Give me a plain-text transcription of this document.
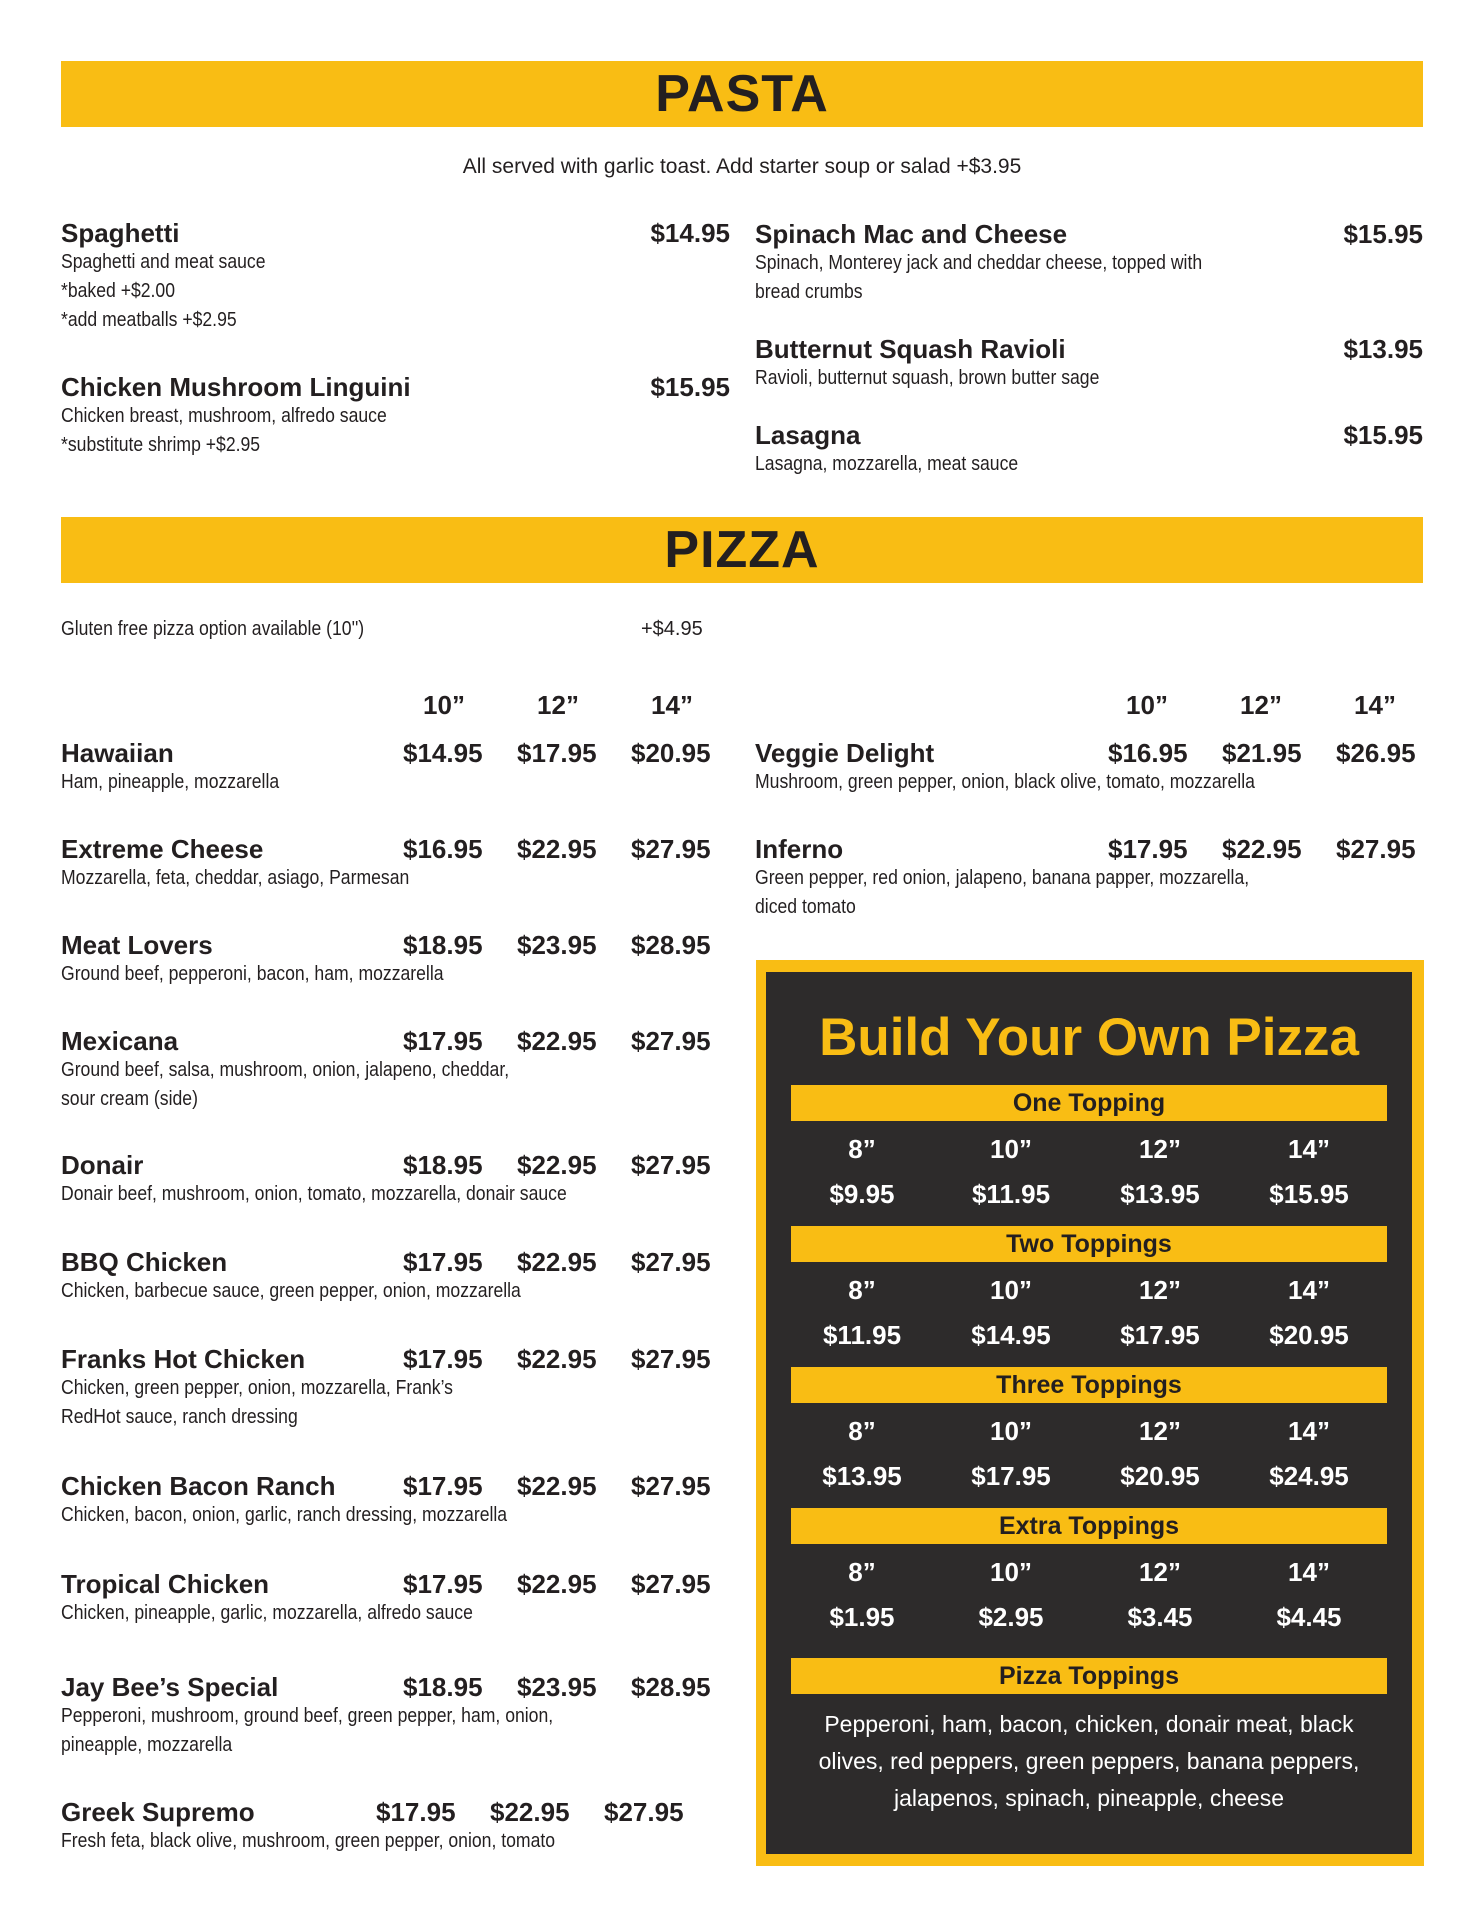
PASTA
All served with garlic toast. Add starter soup or salad +$3.95
Spaghetti
Spaghetti and meat sauce
*baked +$2.00
*add meatballs +$2.95
$14.95
Chicken Mushroom Linguini
Chicken breast, mushroom, alfredo sauce
*substitute shrimp +$2.95
$15.95
Spinach Mac and Cheese
Spinach, Monterey jack and cheddar cheese, topped with
bread crumbs
$15.95
Butternut Squash Ravioli
Ravioli, butternut squash, brown butter sage
$13.95
Lasagna
Lasagna, mozzarella, meat sauce
$15.95
PIZZA
Gluten free pizza option available (10'')	+$4.95
10”	12”	14”	10”	12”	14”
Hawaiian
Ham, pineapple, mozzarella
$14.95 $17.95 $20.95
Extreme Cheese
Mozzarella, feta, cheddar, asiago, Parmesan
$16.95 $22.95 $27.95
Meat Lovers
Ground beef, pepperoni, bacon, ham, mozzarella
$18.95 $23.95 $28.95
Mexicana
Ground beef, salsa, mushroom, onion, jalapeno, cheddar,
sour cream (side)
$17.95 $22.95 $27.95
Donair
Donair beef, mushroom, onion, tomato, mozzarella, donair sauce
$18.95 $22.95 $27.95
BBQ Chicken
Chicken, barbecue sauce, green pepper, onion, mozzarella
$17.95 $22.95 $27.95
Franks Hot Chicken
Chicken, green pepper, onion, mozzarella, Frank’s
RedHot sauce, ranch dressing
$17.95 $22.95 $27.95
Chicken Bacon Ranch
Chicken, bacon, onion, garlic, ranch dressing, mozzarella
$17.95 $22.95 $27.95
Tropical Chicken
Chicken, pineapple, garlic, mozzarella, alfredo sauce
$17.95 $22.95 $27.95
Jay Bee’s Special
Pepperoni, mushroom, ground beef, green pepper, ham, onion,
pineapple, mozzarella
$18.95 $23.95 $28.95
Greek Supremo
Fresh feta, black olive, mushroom, green pepper, onion, tomato
$17.95 $22.95 $27.95
Veggie Delight
Mushroom, green pepper, onion, black olive, tomato, mozzarella
$16.95 $21.95 $26.95
Inferno
Green pepper, red onion, jalapeno, banana papper, mozzarella,
diced tomato
$17.95 $22.95 $27.95
Build Your Own Pizza
One Topping
8”	10”	12”	14”
$9.95	$11.95	$13.95	$15.95
Two Toppings
8”	10”	12”	14”
$11.95	$14.95	$17.95	$20.95
Three Toppings
8”	10”	12”	14”
$13.95	$17.95	$20.95	$24.95
Extra Toppings
8”	10”	12”	14”
$1.95	$2.95	$3.45	$4.45
Pizza Toppings
Pepperoni, ham, bacon, chicken, donair meat, black
olives, red peppers, green peppers, banana peppers,
jalapenos, spinach, pineapple, cheese
